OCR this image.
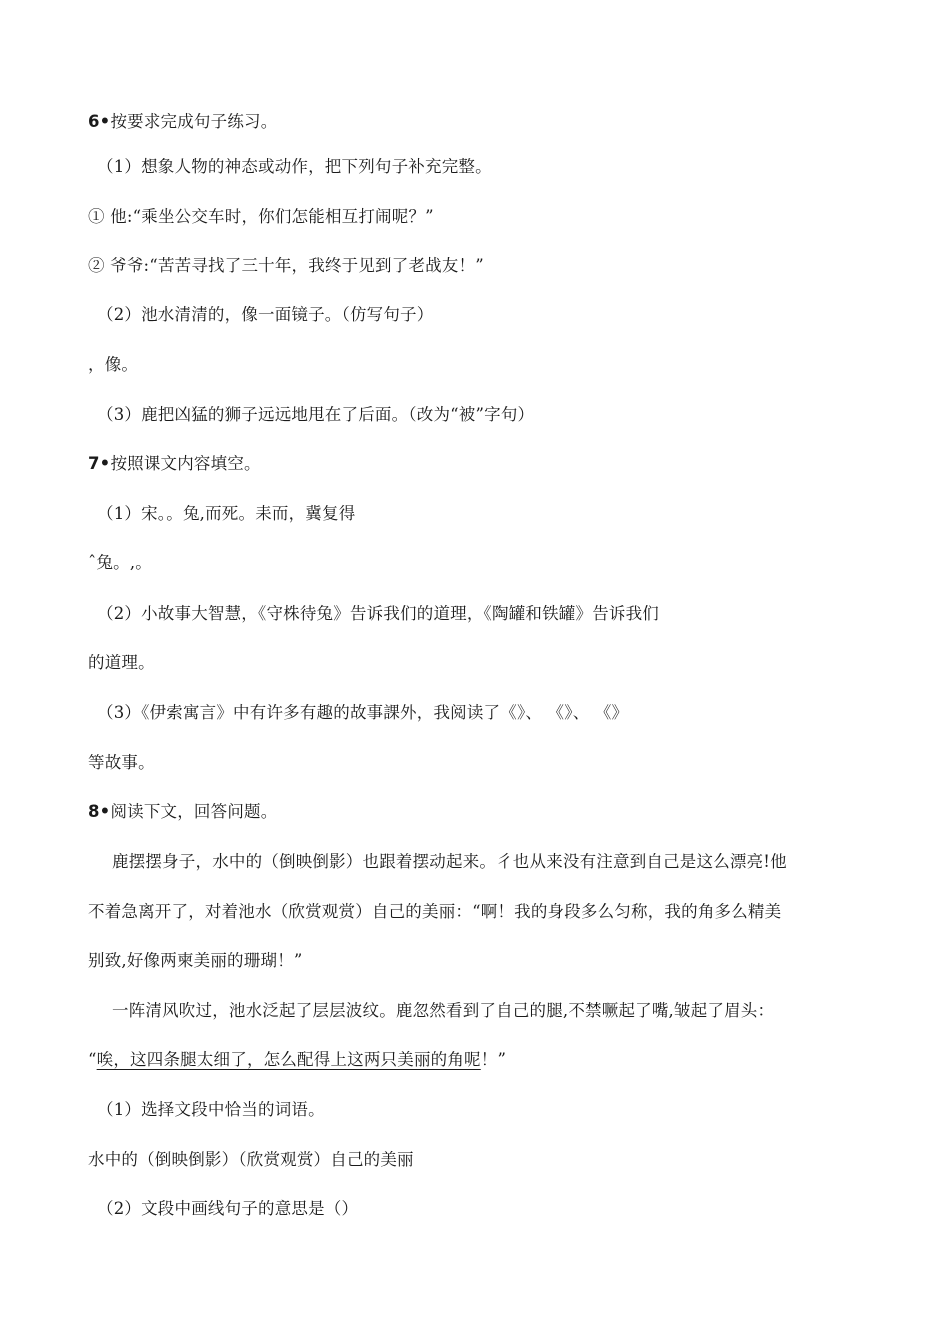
6•按要求完成句子练习。
（1）想象人物的神态或动作，把下列句子补充完整。
① 他:“乘坐公交车时，你们怎能相互打闹呢？”
② 爷爷:“苦苦寻找了三十年，我终于见到了老战友！”
（2）池水清清的，像一面镜子。（仿写句子）
，像。
（3）鹿把凶猛的狮子远远地甩在了后面。（改为“被”字句）
7•按照课文内容填空。
（1）宋。。兔,而死。耒而，冀复得
ˆ兔。,。
（2）小故事大智慧，《守株待兔》告诉我们的道理，《陶罐和铁罐》告诉我们
的道理。
（3）《伊索寓言》中有许多有趣的故事課外，我阅读了《》、 《》、 《》
等故事。
8•阅读下文，回答问题。
鹿摆摆身子，水中的（倒映倒影）也跟着摆动起来。彳也从来没有注意到自己是这么漂亮!他
不着急离开了，对着池水（欣赏观赏）自己的美丽：“啊！我的身段多么匀称，我的角多么精美
别致,好像两柬美丽的珊瑚！”
一阵清风吹过，池水泛起了层层波纹。鹿忽然看到了自己的腿,不禁噘起了嘴,皱起了眉头：
“唉，这四条腿太细了，怎么配得上这两只美丽的角呢！”
（1）选择文段中恰当的词语。
水中的（倒映倒影）（欣赏观赏）自己的美丽
（2）文段中画线句子的意思是（）
